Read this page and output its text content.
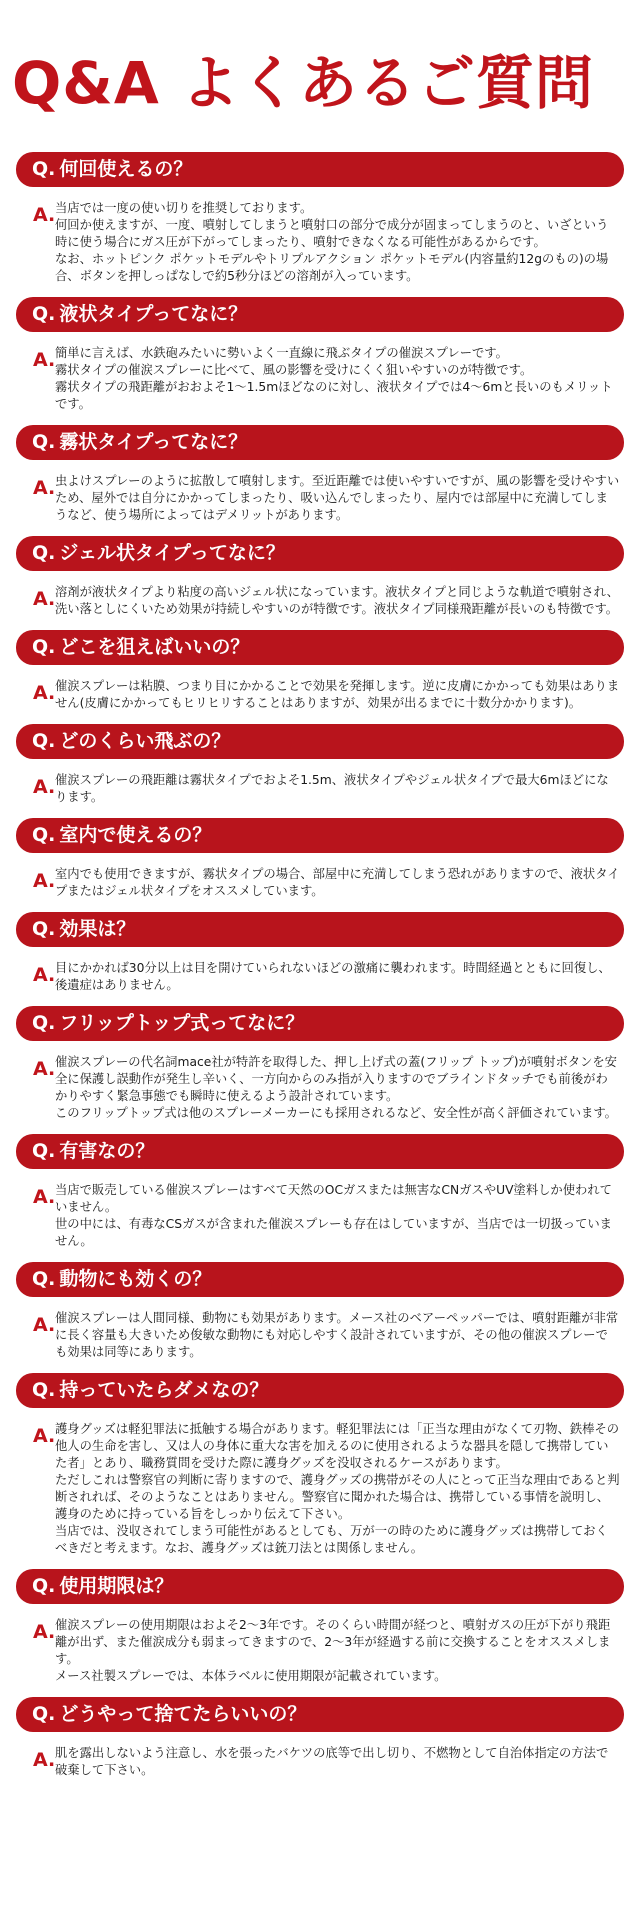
Q&A よくあるご質問
Q. 何回使えるの？
A. 当店では一度の使い切りを推奨しております。
何回か使えますが、一度、噴射してしまうと噴射口の部分で成分が固まってしまうのと、いざという時に使う場合にガス圧が下がってしまったり、噴射できなくなる可能性があるからです。
なお、ホットピンク ポケットモデルやトリプルアクション ポケットモデル(内容量約12gのもの)の場合、ボタンを押しっぱなしで約5秒分ほどの溶剤が入っています。
Q. 液状タイプってなに？
A. 簡単に言えば、水鉄砲みたいに勢いよく一直線に飛ぶタイプの催涙スプレーです。
霧状タイプの催涙スプレーに比べて、風の影響を受けにくく狙いやすいのが特徴です。
霧状タイプの飛距離がおおよそ1〜1.5mほどなのに対し、液状タイプでは4〜6mと長いのもメリットです。
Q. 霧状タイプってなに？
A. 虫よけスプレーのように拡散して噴射します。至近距離では使いやすいですが、風の影響を受けやすいため、屋外では自分にかかってしまったり、吸い込んでしまったり、屋内では部屋中に充満してしまうなど、使う場所によってはデメリットがあります。
Q. ジェル状タイプってなに？
A. 溶剤が液状タイプより粘度の高いジェル状になっています。液状タイプと同じような軌道で噴射され、洗い落としにくいため効果が持続しやすいのが特徴です。液状タイプ同様飛距離が長いのも特徴です。
Q. どこを狙えばいいの？
A. 催涙スプレーは粘膜、つまり目にかかることで効果を発揮します。逆に皮膚にかかっても効果はありません(皮膚にかかってもヒリヒリすることはありますが、効果が出るまでに十数分かかります)。
Q. どのくらい飛ぶの？
A. 催涙スプレーの飛距離は霧状タイプでおよそ1.5m、液状タイプやジェル状タイプで最大6mほどになります。
Q. 室内で使えるの？
A. 室内でも使用できますが、霧状タイプの場合、部屋中に充満してしまう恐れがありますので、液状タイプまたはジェル状タイプをオススメしています。
Q. 効果は？
A. 目にかかれば30分以上は目を開けていられないほどの激痛に襲われます。時間経過とともに回復し、後遺症はありません。
Q. フリップトップ式ってなに？
A. 催涙スプレーの代名詞mace社が特許を取得した、押し上げ式の蓋(フリップ トップ)が噴射ボタンを安全に保護し誤動作が発生し辛いく、一方向からのみ指が入りますのでブラインドタッチでも前後がわかりやすく緊急事態でも瞬時に使えるよう設計されています。
このフリップトップ式は他のスプレーメーカーにも採用されるなど、安全性が高く評価されています。
Q. 有害なの？
A. 当店で販売している催涙スプレーはすべて天然のOCガスまたは無害なCNガスやUV塗料しか使われていません。
世の中には、有毒なCSガスが含まれた催涙スプレーも存在はしていますが、当店では一切扱っていません。
Q. 動物にも効くの？
A. 催涙スプレーは人間同様、動物にも効果があります。メース社のベアーペッパーでは、噴射距離が非常に長く容量も大きいため俊敏な動物にも対応しやすく設計されていますが、その他の催涙スプレーでも効果は同等にあります。
Q. 持っていたらダメなの？
A. 護身グッズは軽犯罪法に抵触する場合があります。軽犯罪法には「正当な理由がなくて刃物、鉄棒その他人の生命を害し、又は人の身体に重大な害を加えるのに使用されるような器具を隠して携帯していた者」とあり、職務質問を受けた際に護身グッズを没収されるケースがあります。
ただしこれは警察官の判断に寄りますので、護身グッズの携帯がその人にとって正当な理由であると判断されれば、そのようなことはありません。警察官に聞かれた場合は、携帯している事情を説明し、護身のために持っている旨をしっかり伝えて下さい。
当店では、没収されてしまう可能性があるとしても、万が一の時のために護身グッズは携帯しておくべきだと考えます。なお、護身グッズは銃刀法とは関係しません。
Q. 使用期限は？
A. 催涙スプレーの使用期限はおよそ2〜3年です。そのくらい時間が経つと、噴射ガスの圧が下がり飛距離が出ず、また催涙成分も弱まってきますので、2〜3年が経過する前に交換することをオススメします。
メース社製スプレーでは、本体ラベルに使用期限が記載されています。
Q. どうやって捨てたらいいの？
A. 肌を露出しないよう注意し、水を張ったバケツの底等で出し切り、不燃物として自治体指定の方法で破棄して下さい。
